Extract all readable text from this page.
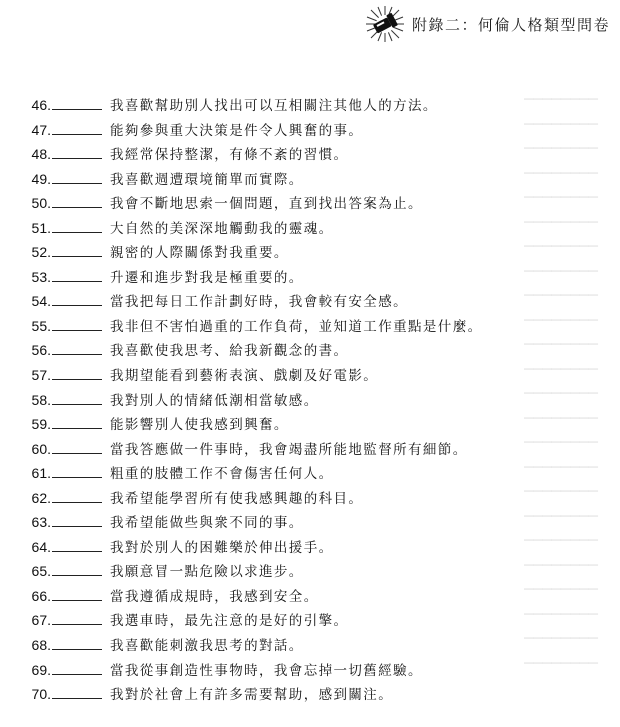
▁▁▁▁▁▁▁▁
▁▁▁▁▁▁▁▁
▁▁▁▁▁▁▁▁
▁▁▁▁▁▁▁▁
▁▁▁▁▁▁▁▁
▁▁▁▁▁▁▁▁
▁▁▁▁▁▁▁▁
▁▁▁▁▁▁▁▁
▁▁▁▁▁▁▁▁
▁▁▁▁▁▁▁▁
▁▁▁▁▁▁▁▁
▁▁▁▁▁▁▁▁
▁▁▁▁▁▁▁▁
▁▁▁▁▁▁▁▁
▁▁▁▁▁▁▁▁
▁▁▁▁▁▁▁▁
▁▁▁▁▁▁▁▁
▁▁▁▁▁▁▁▁
▁▁▁▁▁▁▁▁
▁▁▁▁▁▁▁▁
▁▁▁▁▁▁▁▁
▁▁▁▁▁▁▁▁
▁▁▁▁▁▁▁▁
▁▁▁▁▁▁▁▁
附錄二：何倫人格類型問卷
46.	我喜歡幫助別人找出可以互相關注其他人的方法。
47.	能夠參與重大決策是件令人興奮的事。
48.	我經常保持整潔，有條不紊的習慣。
49.	我喜歡週遭環境簡單而實際。
50.	我會不斷地思索一個問題，直到找出答案為止。
51.	大自然的美深深地觸動我的靈魂。
52.	親密的人際關係對我重要。
53.	升遷和進步對我是極重要的。
54.	當我把每日工作計劃好時，我會較有安全感。
55.	我非但不害怕過重的工作負荷，並知道工作重點是什麼。
56.	我喜歡使我思考、給我新觀念的書。
57.	我期望能看到藝術表演、戲劇及好電影。
58.	我對別人的情緒低潮相當敏感。
59.	能影響別人使我感到興奮。
60.	當我答應做一件事時，我會竭盡所能地監督所有細節。
61.	粗重的肢體工作不會傷害任何人。
62.	我希望能學習所有使我感興趣的科目。
63.	我希望能做些與衆不同的事。
64.	我對於別人的困難樂於伸出援手。
65.	我願意冒一點危險以求進步。
66.	當我遵循成規時，我感到安全。
67.	我選車時，最先注意的是好的引擎。
68.	我喜歡能刺激我思考的對話。
69.	當我從事創造性事物時，我會忘掉一切舊經驗。
70.	我對於社會上有許多需要幫助，感到關注。
